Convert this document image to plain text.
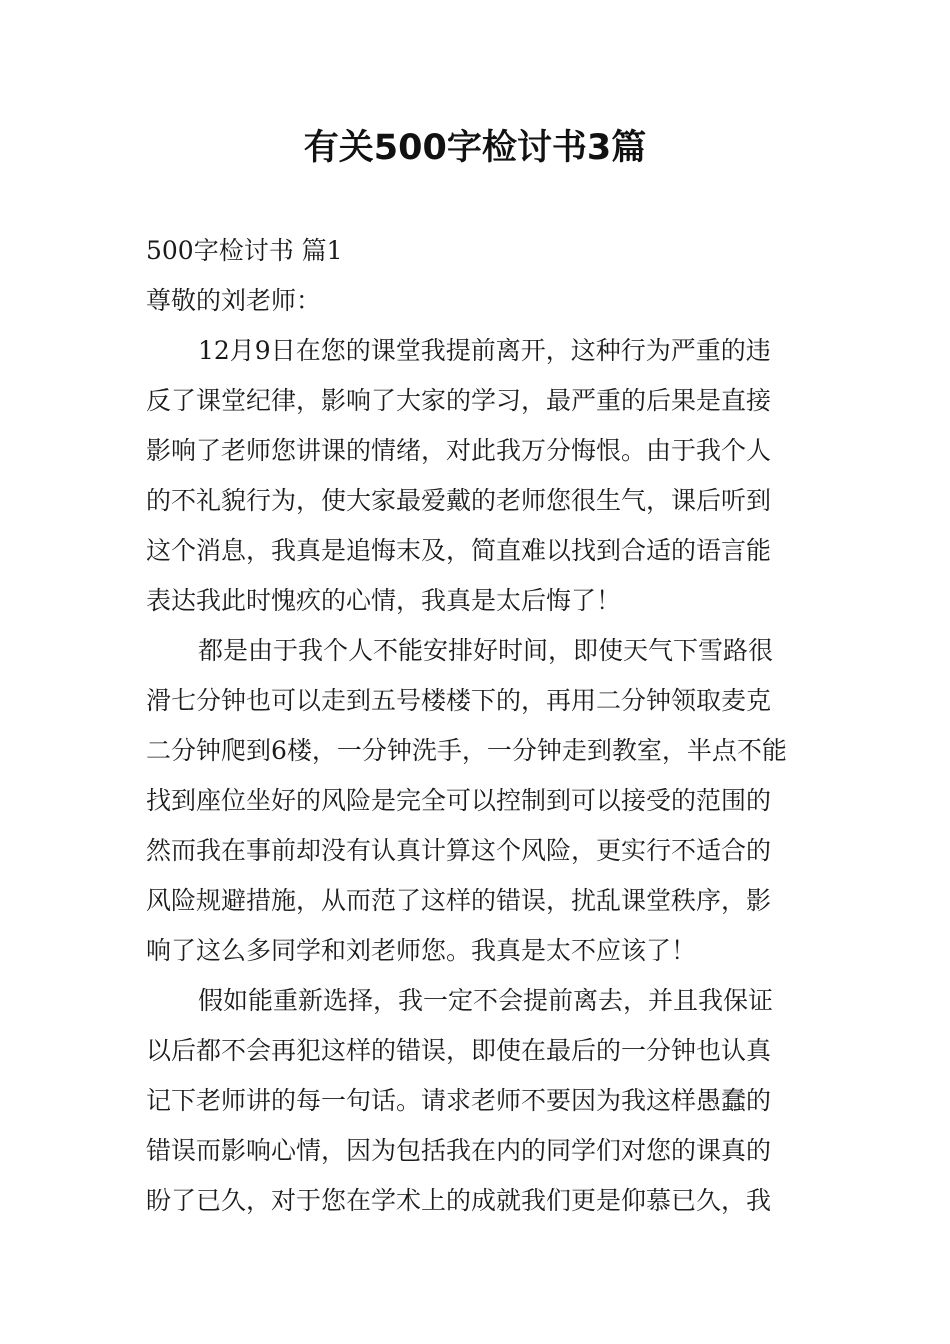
有关500字检讨书3篇

500字检讨书 篇1

尊敬的刘老师：

12月9日在您的课堂我提前离开，这种行为严重的违

反了课堂纪律，影响了大家的学习，最严重的后果是直接

影响了老师您讲课的情绪，对此我万分悔恨。由于我个人

的不礼貌行为，使大家最爱戴的老师您很生气，课后听到

这个消息，我真是追悔末及，简直难以找到合适的语言能

表达我此时愧疚的心情，我真是太后悔了！

都是由于我个人不能安排好时间，即使天气下雪路很

滑七分钟也可以走到五号楼楼下的，再用二分钟领取麦克

二分钟爬到6楼，一分钟洗手，一分钟走到教室，半点不能

找到座位坐好的风险是完全可以控制到可以接受的范围的

然而我在事前却没有认真计算这个风险，更实行不适合的

风险规避措施，从而范了这样的错误，扰乱课堂秩序，影

响了这么多同学和刘老师您。我真是太不应该了！

假如能重新选择，我一定不会提前离去，并且我保证

以后都不会再犯这样的错误，即使在最后的一分钟也认真

记下老师讲的每一句话。请求老师不要因为我这样愚蠢的

错误而影响心情，因为包括我在内的同学们对您的课真的

盼了已久，对于您在学术上的成就我们更是仰慕已久，我
